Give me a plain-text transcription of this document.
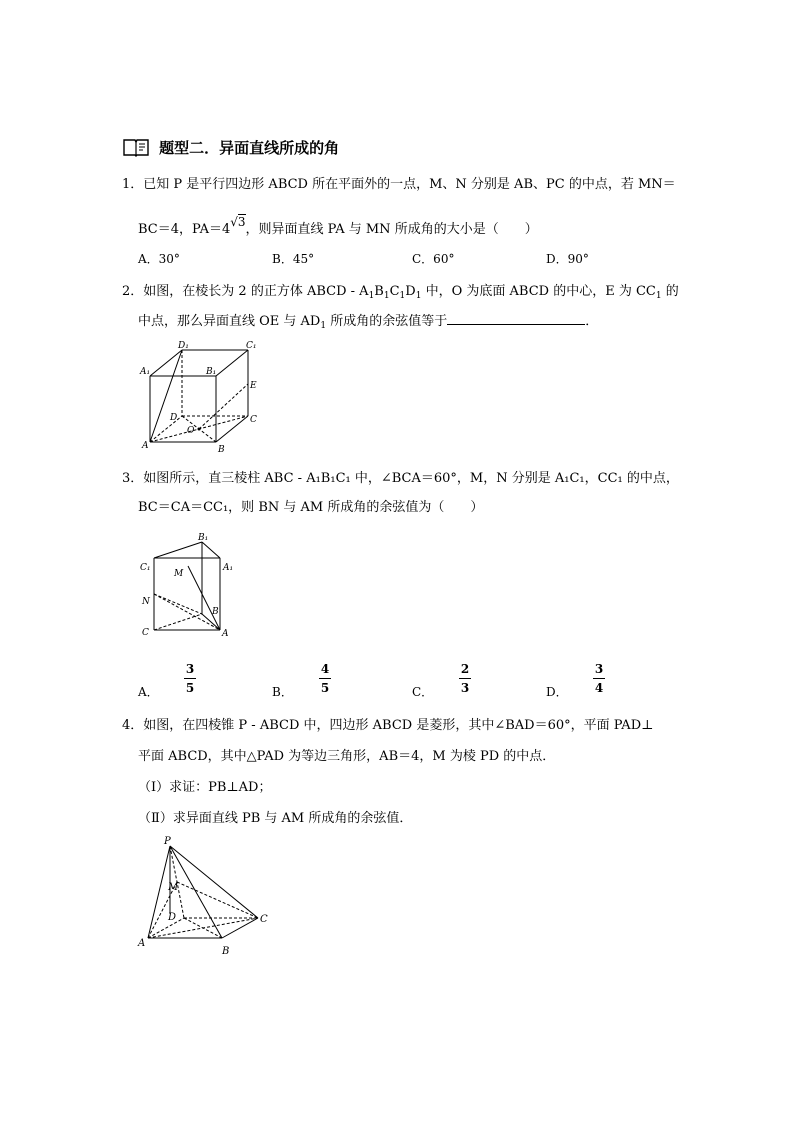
题型二．异面直线所成的角
1．已知 P 是平行四边形 ABCD 所在平面外的一点，M、N 分别是 AB、PC 的中点，若 MN＝
BC＝4，PA＝4√3，则异面直线 PA 与 MN 所成角的大小是（　　）
A．30°	B．45°	C．60°	D．90°
2．如图，在棱长为 2 的正方体 ABCD - $A_1B_1C_1D_1$ 中，O 为底面 ABCD 的中心，E 为 $CC_1$ 的
中点，那么异面直线 OE 与 $AD_1$ 所成角的余弦值等于	．
D₁	C₁
A₁	B₁
E
D	C
O
A	B
3．如图所示，直三棱柱 ABC - A₁B₁C₁ 中，∠BCA＝60°，M，N 分别是 A₁C₁，CC₁ 的中点，
BC＝CA＝CC₁，则 BN 与 AM 所成角的余弦值为（　　）
B₁
C₁	A₁
M
N
B
C	A
A．
3
5	B．
4
5	C．
2
3	D．
3
4
4．如图，在四棱锥 P - ABCD 中，四边形 ABCD 是菱形，其中∠BAD＝60°，平面 PAD⊥
平面 ABCD，其中△PAD 为等边三角形，AB＝4，M 为棱 PD 的中点．
（Ⅰ）求证：PB⊥AD；
（Ⅱ）求异面直线 PB 与 AM 所成角的余弦值．
P
M
D	C
A
B
